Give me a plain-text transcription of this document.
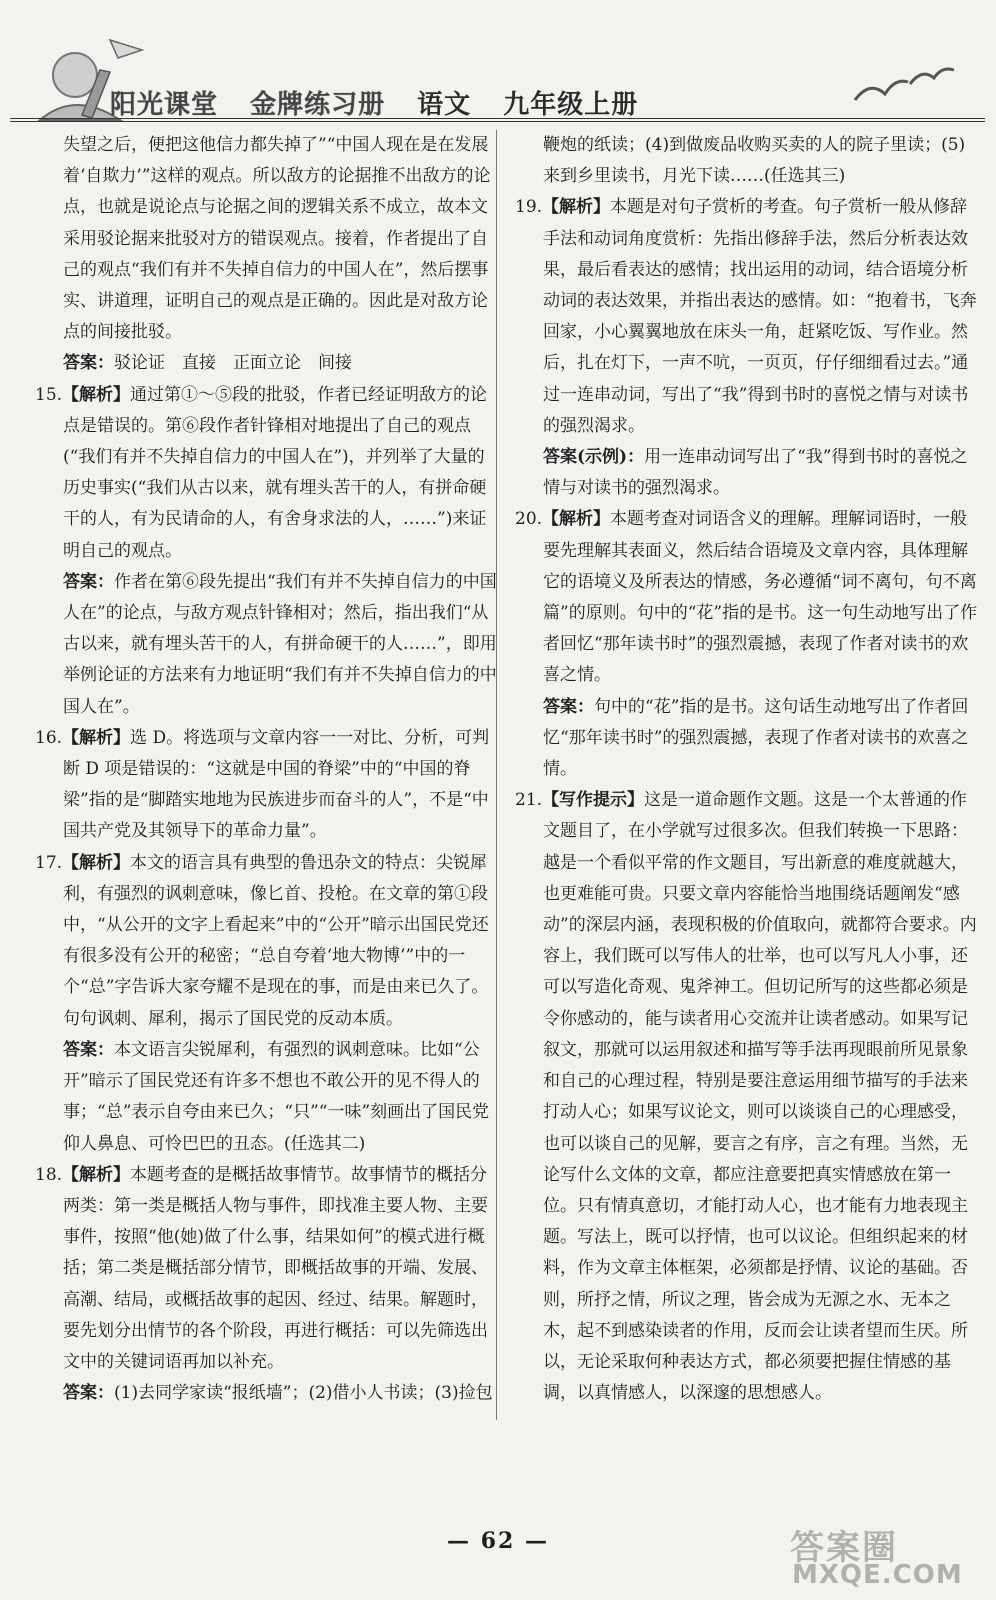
阳光课堂 金牌练习册 语文 九年级上册

失望之后，便把这他信力都失掉了”“中国人现在是在发展着‘自欺力’”这样的观点。所以敌方的论据推不出敌方的论点，也就是说论点与论据之间的逻辑关系不成立，故本文采用驳论据来批驳对方的错误观点。接着，作者提出了自己的观点“我们有并不失掉自信力的中国人在”，然后摆事实、讲道理，证明自己的观点是正确的。因此是对敌方论点的间接批驳。

答案：驳论证　直接　正面立论　间接

15.【解析】通过第①～⑤段的批驳，作者已经证明敌方的论点是错误的。第⑥段作者针锋相对地提出了自己的观点(“我们有并不失掉自信力的中国人在”)，并列举了大量的历史事实(“我们从古以来，就有埋头苦干的人，有拼命硬干的人，有为民请命的人，有舍身求法的人，……”)来证明自己的观点。

答案：作者在第⑥段先提出“我们有并不失掉自信力的中国人在”的论点，与敌方观点针锋相对；然后，指出我们“从古以来，就有埋头苦干的人，有拼命硬干的人……”，即用举例论证的方法来有力地证明“我们有并不失掉自信力的中国人在”。

16.【解析】选 D。将选项与文章内容一一对比、分析，可判断 D 项是错误的：“这就是中国的脊梁”中的“中国的脊梁”指的是“脚踏实地地为民族进步而奋斗的人”，不是“中国共产党及其领导下的革命力量”。

17.【解析】本文的语言具有典型的鲁迅杂文的特点：尖锐犀利，有强烈的讽刺意味，像匕首、投枪。在文章的第①段中，“从公开的文字上看起来”中的“公开”暗示出国民党还有很多没有公开的秘密；“总自夸着‘地大物博’”中的一个“总”字告诉大家夸耀不是现在的事，而是由来已久了。句句讽刺、犀利，揭示了国民党的反动本质。

答案：本文语言尖锐犀利，有强烈的讽刺意味。比如“公开”暗示了国民党还有许多不想也不敢公开的见不得人的事；“总”表示自夸由来已久；“只”“一味”刻画出了国民党仰人鼻息、可怜巴巴的丑态。(任选其二)

18.【解析】本题考查的是概括故事情节。故事情节的概括分两类：第一类是概括人物与事件，即找准主要人物、主要事件，按照“他(她)做了什么事，结果如何”的模式进行概括；第二类是概括部分情节，即概括故事的开端、发展、高潮、结局，或概括故事的起因、经过、结果。解题时，要先划分出情节的各个阶段，再进行概括：可以先筛选出文中的关键词语再加以补充。

答案：(1)去同学家读“报纸墙”；(2)借小人书读；(3)捡包

鞭炮的纸读；(4)到做废品收购买卖的人的院子里读；(5)来到乡里读书，月光下读……(任选其三)

19.【解析】本题是对句子赏析的考查。句子赏析一般从修辞手法和动词角度赏析：先指出修辞手法，然后分析表达效果，最后看表达的感情；找出运用的动词，结合语境分析动词的表达效果，并指出表达的感情。如：“抱着书，飞奔回家，小心翼翼地放在床头一角，赶紧吃饭、写作业。然后，扎在灯下，一声不吭，一页页，仔仔细细看过去。”通过一连串动词，写出了“我”得到书时的喜悦之情与对读书的强烈渴求。

答案(示例)：用一连串动词写出了“我”得到书时的喜悦之情与对读书的强烈渴求。

20.【解析】本题考查对词语含义的理解。理解词语时，一般要先理解其表面义，然后结合语境及文章内容，具体理解它的语境义及所表达的情感，务必遵循“词不离句，句不离篇”的原则。句中的“花”指的是书。这一句生动地写出了作者回忆“那年读书时”的强烈震撼，表现了作者对读书的欢喜之情。

答案：句中的“花”指的是书。这句话生动地写出了作者回忆“那年读书时”的强烈震撼，表现了作者对读书的欢喜之情。

21.【写作提示】这是一道命题作文题。这是一个太普通的作文题目了，在小学就写过很多次。但我们转换一下思路：越是一个看似平常的作文题目，写出新意的难度就越大，也更难能可贵。只要文章内容能恰当地围绕话题阐发“感动”的深层内涵，表现积极的价值取向，就都符合要求。内容上，我们既可以写伟人的壮举，也可以写凡人小事，还可以写造化奇观、鬼斧神工。但切记所写的这些都必须是令你感动的，能与读者用心交流并让读者感动。如果写记叙文，那就可以运用叙述和描写等手法再现眼前所见景象和自己的心理过程，特别是要注意运用细节描写的手法来打动人心；如果写议论文，则可以谈谈自己的心理感受，也可以谈自己的见解，要言之有序，言之有理。当然，无论写什么文体的文章，都应注意要把真实情感放在第一位。只有情真意切，才能打动人心，也才能有力地表现主题。写法上，既可以抒情，也可以议论。但组织起来的材料，作为文章主体框架，必须都是抒情、议论的基础。否则，所抒之情，所议之理，皆会成为无源之水、无本之木，起不到感染读者的作用，反而会让读者望而生厌。所以，无论采取何种表达方式，都必须要把握住情感的基调，以真情感人，以深邃的思想感人。

— 62 —	答案圈
MXQE.COM
